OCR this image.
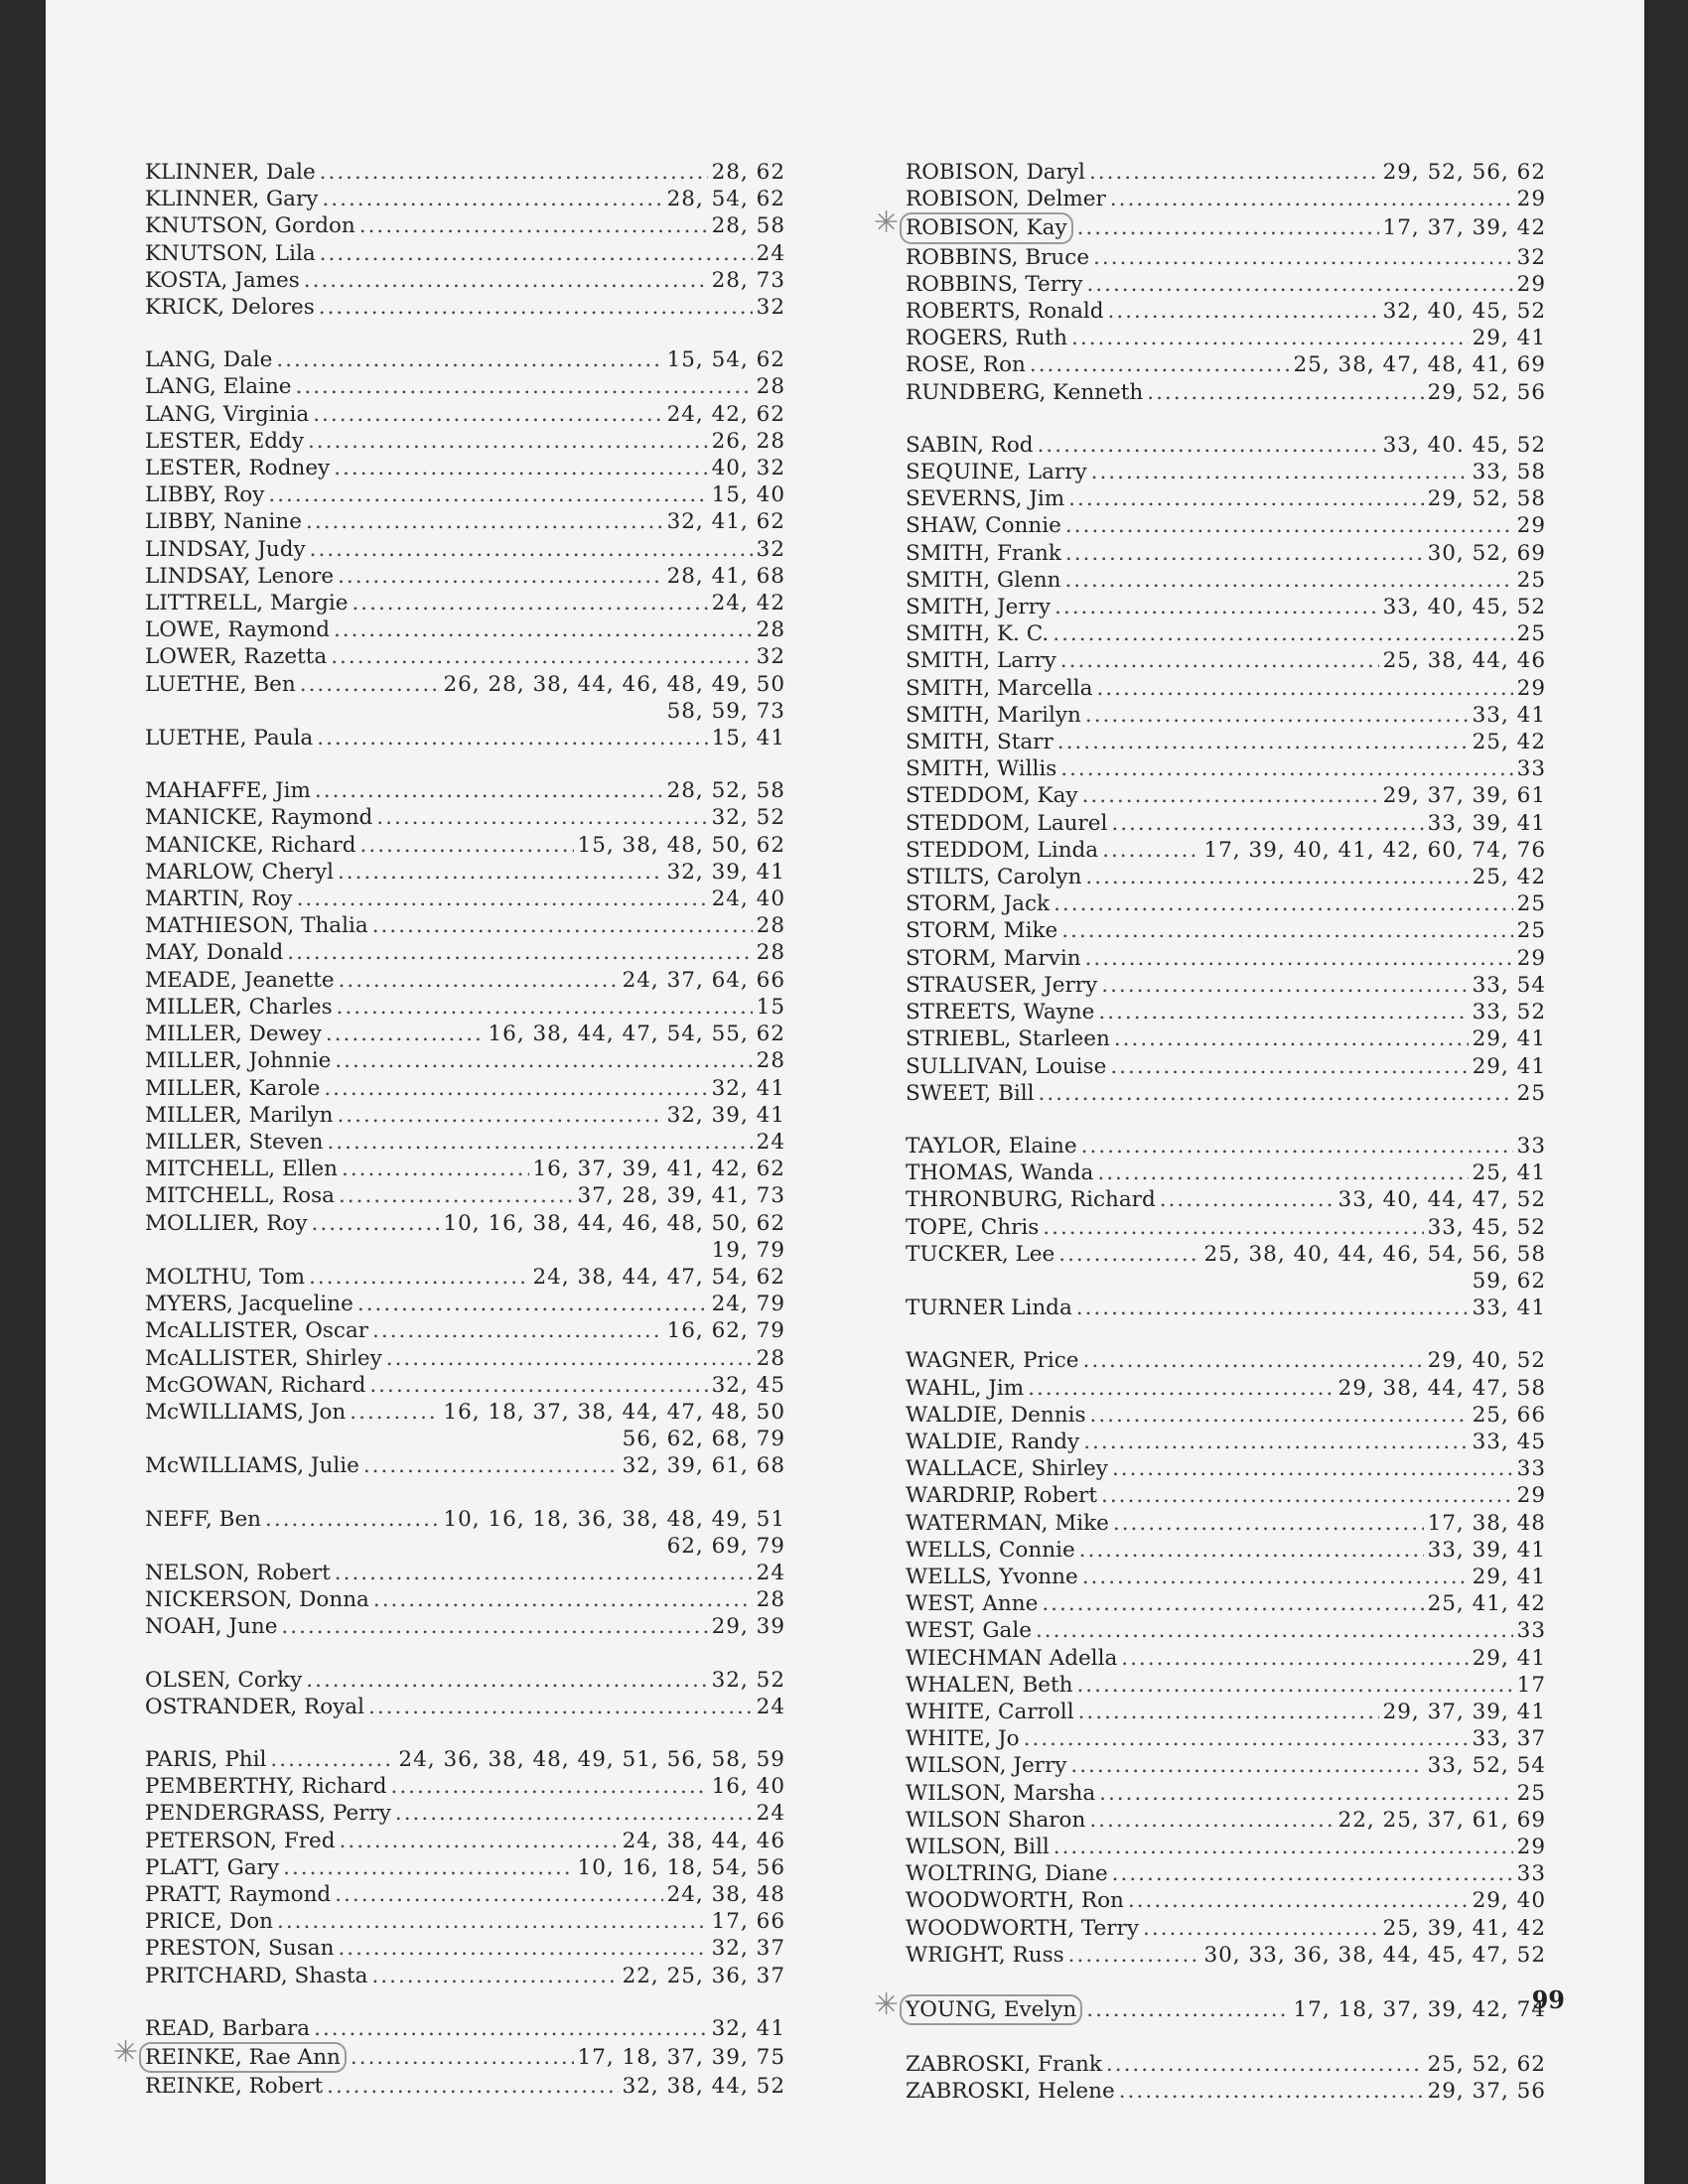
KLINNER, Dale .....	28, 62
KLINNER, Gary .....	28, 54, 62
KNUTSON, Gordon .....	28, 58
KNUTSON, Lila .....	24
KOSTA, James .....	28, 73
KRICK, Delores .....	32
LANG, Dale .....	15, 54, 62
LANG, Elaine .....	28
LANG, Virginia .....	24, 42, 62
LESTER, Eddy .....	26, 28
LESTER, Rodney .....	40, 32
LIBBY, Roy .....	15, 40
LIBBY, Nanine .....	32, 41, 62
LINDSAY, Judy .....	32
LINDSAY, Lenore .....	28, 41, 68
LITTRELL, Margie .....	24, 42
LOWE, Raymond .....	28
LOWER, Razetta .....	32
LUETHE, Ben .....	26, 28, 38, 44, 46, 48, 49, 50
58, 59, 73
LUETHE, Paula .....	15, 41
MAHAFFE, Jim .....	28, 52, 58
MANICKE, Raymond .....	32, 52
MANICKE, Richard .....	15, 38, 48, 50, 62
MARLOW, Cheryl .....	32, 39, 41
MARTIN, Roy .....	24, 40
MATHIESON, Thalia .....	28
MAY, Donald .....	28
MEADE, Jeanette .....	24, 37, 64, 66
MILLER, Charles .....	15
MILLER, Dewey .....	16, 38, 44, 47, 54, 55, 62
MILLER, Johnnie .....	28
MILLER, Karole .....	32, 41
MILLER, Marilyn .....	32, 39, 41
MILLER, Steven .....	24
MITCHELL, Ellen .....	16, 37, 39, 41, 42, 62
MITCHELL, Rosa .....	37, 28, 39, 41, 73
MOLLIER, Roy .....	10, 16, 38, 44, 46, 48, 50, 62
19, 79
MOLTHU, Tom .....	24, 38, 44, 47, 54, 62
MYERS, Jacqueline .....	24, 79
McALLISTER, Oscar .....	16, 62, 79
McALLISTER, Shirley .....	28
McGOWAN, Richard .....	32, 45
McWILLIAMS, Jon .....	16, 18, 37, 38, 44, 47, 48, 50
56, 62, 68, 79
McWILLIAMS, Julie .....	32, 39, 61, 68
NEFF, Ben .....	10, 16, 18, 36, 38, 48, 49, 51
62, 69, 79
NELSON, Robert .....	24
NICKERSON, Donna .....	28
NOAH, June .....	29, 39
OLSEN, Corky .....	32, 52
OSTRANDER, Royal .....	24
PARIS, Phil .....	24, 36, 38, 48, 49, 51, 56, 58, 59
PEMBERTHY, Richard .....	16, 40
PENDERGRASS, Perry .....	24
PETERSON, Fred .....	24, 38, 44, 46
PLATT, Gary .....	10, 16, 18, 54, 56
PRATT, Raymond .....	24, 38, 48
PRICE, Don .....	17, 66
PRESTON, Susan .....	32, 37
PRITCHARD, Shasta .....	22, 25, 36, 37
READ, Barbara .....	32, 41
✳ REINKE, Rae Ann .....	17, 18, 37, 39, 75
REINKE, Robert .....	32, 38, 44, 52
ROBISON, Daryl .....	29, 52, 56, 62
ROBISON, Delmer .....	29
✳ ROBISON, Kay .....	17, 37, 39, 42
ROBBINS, Bruce .....	32
ROBBINS, Terry .....	29
ROBERTS, Ronald .....	32, 40, 45, 52
ROGERS, Ruth .....	29, 41
ROSE, Ron .....	25, 38, 47, 48, 41, 69
RUNDBERG, Kenneth .....	29, 52, 56
SABIN, Rod .....	33, 40. 45, 52
SEQUINE, Larry .....	33, 58
SEVERNS, Jim .....	29, 52, 58
SHAW, Connie .....	29
SMITH, Frank .....	30, 52, 69
SMITH, Glenn .....	25
SMITH, Jerry .....	33, 40, 45, 52
SMITH, K. C. .....	25
SMITH, Larry .....	25, 38, 44, 46
SMITH, Marcella .....	29
SMITH, Marilyn .....	33, 41
SMITH, Starr .....	25, 42
SMITH, Willis .....	33
STEDDOM, Kay .....	29, 37, 39, 61
STEDDOM, Laurel .....	33, 39, 41
STEDDOM, Linda .....	17, 39, 40, 41, 42, 60, 74, 76
STILTS, Carolyn .....	25, 42
STORM, Jack .....	25
STORM, Mike .....	25
STORM, Marvin .....	29
STRAUSER, Jerry .....	33, 54
STREETS, Wayne .....	33, 52
STRIEBL, Starleen .....	29, 41
SULLIVAN, Louise .....	29, 41
SWEET, Bill .....	25
TAYLOR, Elaine .....	33
THOMAS, Wanda .....	25, 41
THRONBURG, Richard .....	33, 40, 44, 47, 52
TOPE, Chris .....	33, 45, 52
TUCKER, Lee .....	25, 38, 40, 44, 46, 54, 56, 58
59, 62
TURNER Linda .....	33, 41
WAGNER, Price .....	29, 40, 52
WAHL, Jim .....	29, 38, 44, 47, 58
WALDIE, Dennis .....	25, 66
WALDIE, Randy .....	33, 45
WALLACE, Shirley .....	33
WARDRIP, Robert .....	29
WATERMAN, Mike .....	17, 38, 48
WELLS, Connie .....	33, 39, 41
WELLS, Yvonne .....	29, 41
WEST, Anne .....	25, 41, 42
WEST, Gale .....	33
WIECHMAN Adella .....	29, 41
WHALEN, Beth .....	17
WHITE, Carroll .....	29, 37, 39, 41
WHITE, Jo .....	33, 37
WILSON, Jerry .....	33, 52, 54
WILSON, Marsha .....	25
WILSON Sharon .....	22, 25, 37, 61, 69
WILSON, Bill .....	29
WOLTRING, Diane .....	33
WOODWORTH, Ron .....	29, 40
WOODWORTH, Terry .....	25, 39, 41, 42
WRIGHT, Russ .....	30, 33, 36, 38, 44, 45, 47, 52
✳ YOUNG, Evelyn .....	17, 18, 37, 39, 42, 74
ZABROSKI, Frank .....	25, 52, 62
ZABROSKI, Helene .....	29, 37, 56
99
